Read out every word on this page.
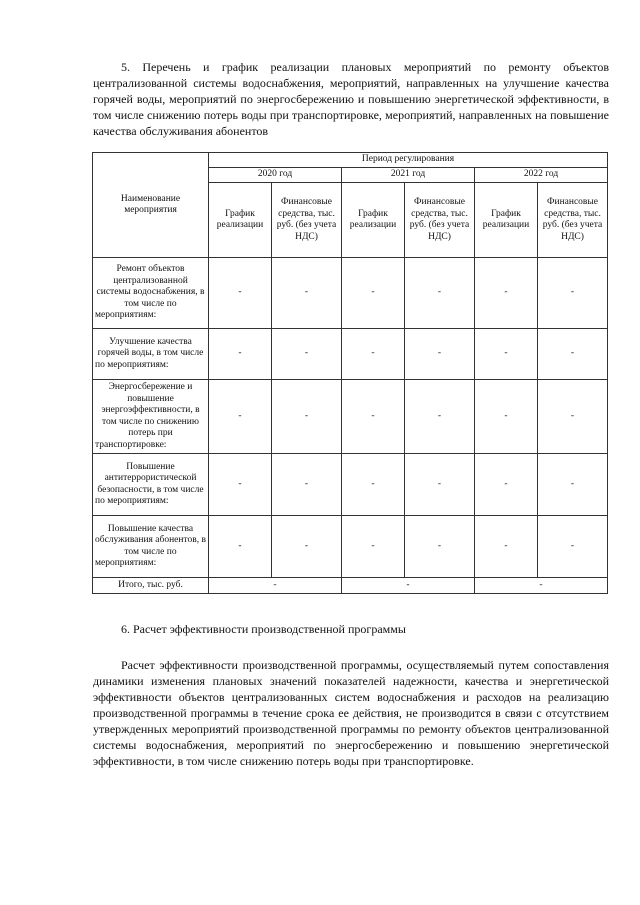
5. Перечень и график реализации плановых мероприятий по ремонту объектов централизованной системы водоснабжения, мероприятий, направленных на улучшение качества горячей воды, мероприятий по энергосбережению и повышению энергетической эффективности, в том числе снижению потерь воды при транспортировке, мероприятий, направленных на повышение качества обслуживания абонентов

Наименование мероприятия	Период регулирования					
	2020 год		2021 год		2022 год	
	График реализации	Финансовые средства, тыс. руб. (без учета НДС)	График реализации	Финансовые средства, тыс. руб. (без учета НДС)	График реализации	Финансовые средства, тыс. руб. (без учета НДС)
Ремонт объектов централизованной системы водоснабжения, в том числе по мероприятиям:	-	-	-	-	-	-
Улучшение качества горячей воды, в том числе по мероприятиям:	-	-	-	-	-	-
Энергосбережение и повышение энергоэффективности, в том числе по снижению потерь при транспортировке:	-	-	-	-	-	-
Повышение антитеррористической безопасности, в том числе по мероприятиям:	-	-	-	-	-	-
Повышение качества обслуживания абонентов, в том числе по мероприятиям:	-	-	-	-	-	-
Итого, тыс. руб.	-		-		-	

6. Расчет эффективности производственной программы

Расчет эффективности производственной программы, осуществляемый путем сопоставления динамики изменения плановых значений показателей надежности, качества и энергетической эффективности объектов централизованных систем водоснабжения и расходов на реализацию производственной программы в течение срока ее действия, не производится в связи с отсутствием утвержденных мероприятий производственной программы по ремонту объектов централизованной системы водоснабжения, мероприятий по энергосбережению и повышению энергетической эффективности, в том числе снижению потерь воды при транспортировке.
